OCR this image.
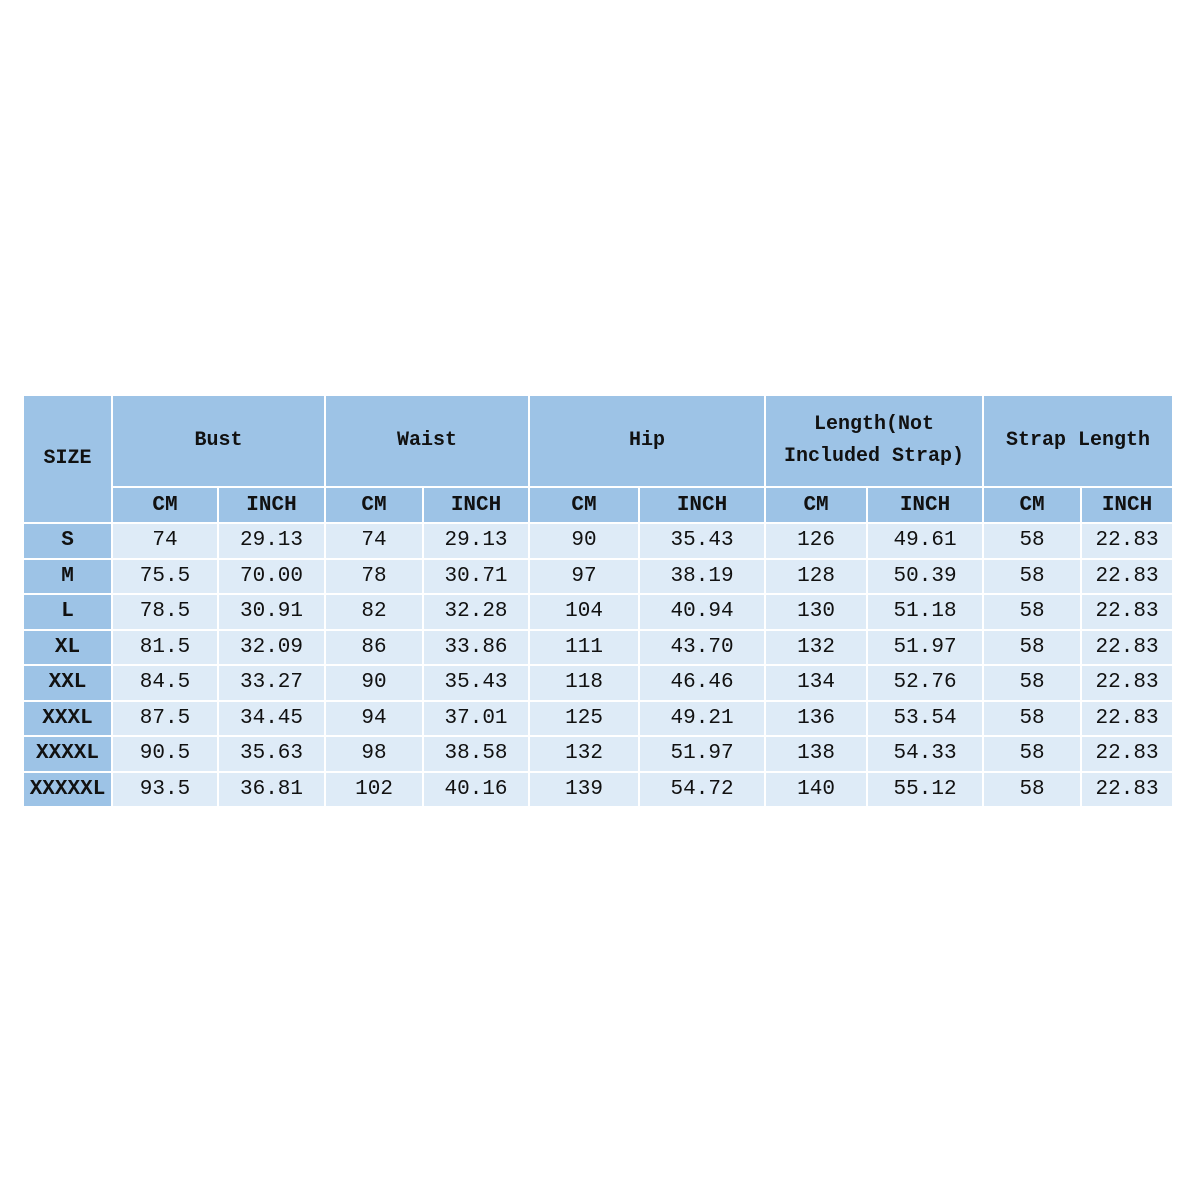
SIZE	Bust		Waist		Hip		Length(Not Included Strap)		Strap Length	
	CM	INCH	CM	INCH	CM	INCH	CM	INCH	CM	INCH
S	74	29.13	74	29.13	90	35.43	126	49.61	58	22.83
M	75.5	70.00	78	30.71	97	38.19	128	50.39	58	22.83
L	78.5	30.91	82	32.28	104	40.94	130	51.18	58	22.83
XL	81.5	32.09	86	33.86	111	43.70	132	51.97	58	22.83
XXL	84.5	33.27	90	35.43	118	46.46	134	52.76	58	22.83
XXXL	87.5	34.45	94	37.01	125	49.21	136	53.54	58	22.83
XXXXL	90.5	35.63	98	38.58	132	51.97	138	54.33	58	22.83
XXXXXL	93.5	36.81	102	40.16	139	54.72	140	55.12	58	22.83
